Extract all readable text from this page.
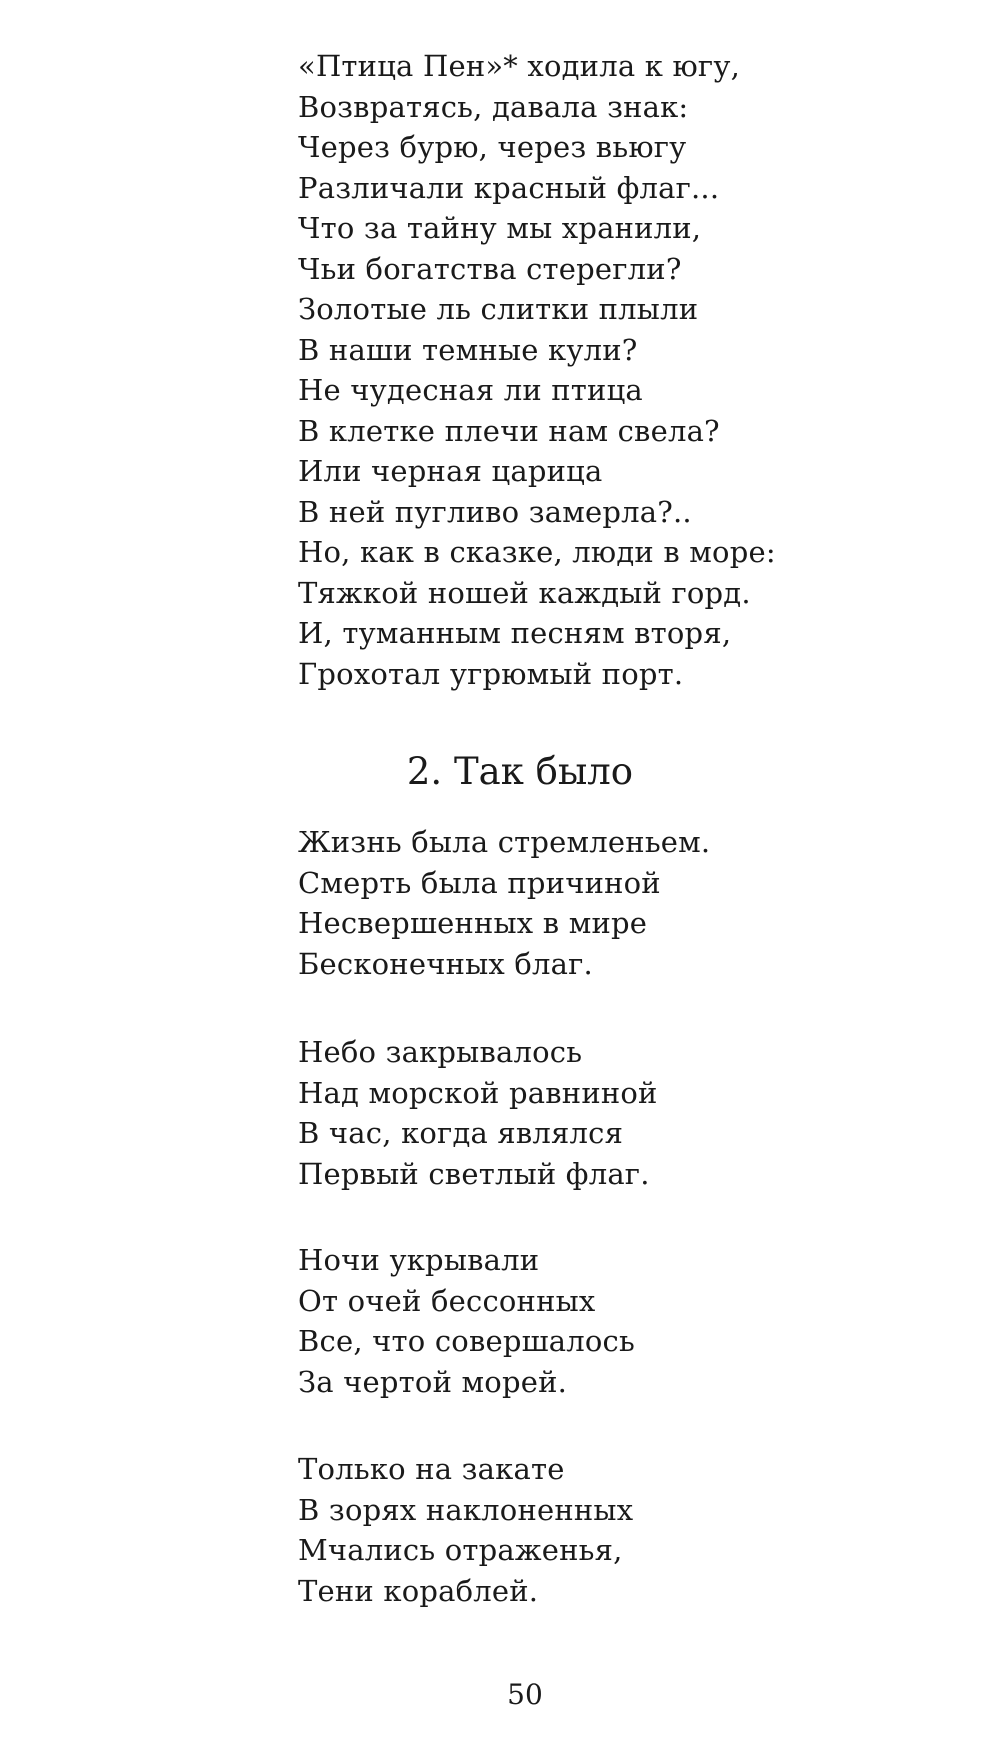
«Птица Пен»* ходила к югу,
Возвратясь, давала знак:
Через бурю, через вьюгу
Различали красный флаг...
Что за тайну мы хранили,
Чьи богатства стерегли?
Золотые ль слитки плыли
В наши темные кули?
Не чудесная ли птица
В клетке плечи нам свела?
Или черная царица
В ней пугливо замерла?..
Но, как в сказке, люди в море:
Тяжкой ношей каждый горд.
И, туманным песням вторя,
Грохотал угрюмый порт.
2. Так было
Жизнь была стремленьем.
Смерть была причиной
Несвершенных в мире
Бесконечных благ.
Небо закрывалось
Над морской равниной
В час, когда являлся
Первый светлый флаг.
Ночи укрывали
От очей бессонных
Все, что совершалось
За чертой морей.
Только на закате
В зорях наклоненных
Мчались отраженья,
Тени кораблей.
50
